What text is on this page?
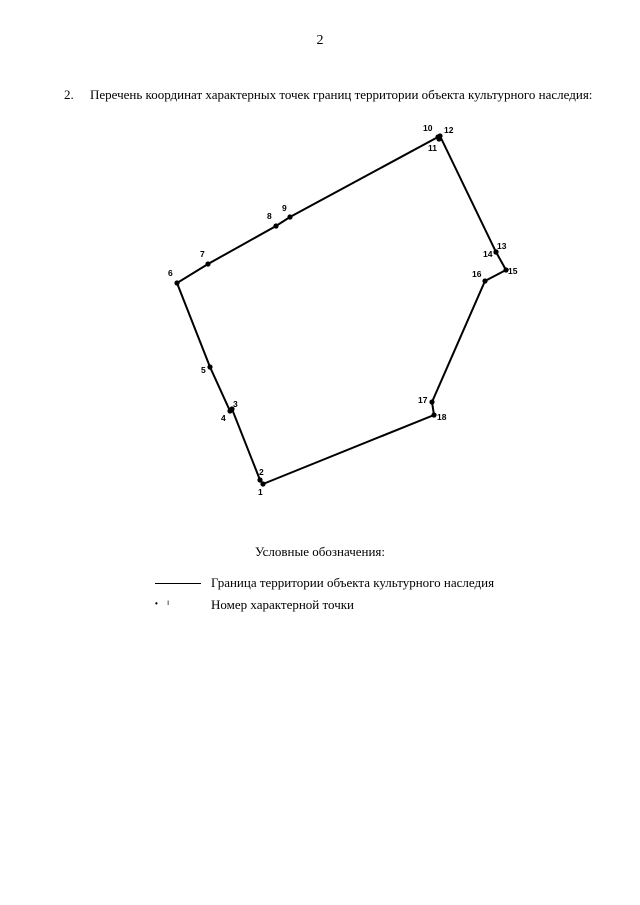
2
2. Перечень координат характерных точек границ территории объекта культурного наследия:
1
2
3
4
5
6
7
8
9
10
11
12
13
14
15
16
17
18
Условные обозначения:
Граница территории объекта культурного наследия
• ı	Номер характерной точки
